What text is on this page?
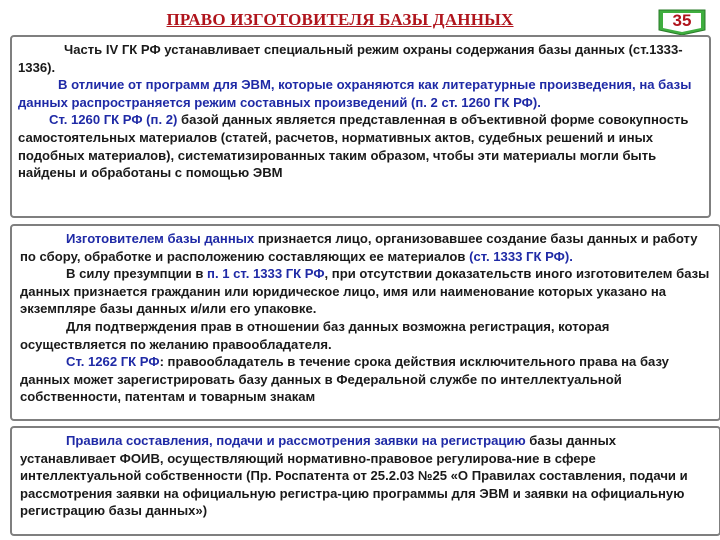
ПРАВО ИЗГОТОВИТЕЛЯ БАЗЫ ДАННЫХ	35

Часть IV ГК РФ устанавливает специальный режим охраны содержания базы данных (ст.1333-1336).

В отличие от программ для ЭВМ, которые охраняются как литературные произведения, на базы данных распространяется режим составных произведений (п. 2 ст. 1260 ГК РФ).

Ст. 1260 ГК РФ (п. 2) базой данных является представленная в объективной форме совокупность самостоятельных материалов (статей, расчетов, нормативных актов, судебных решений и иных подобных материалов), систематизированных таким образом, чтобы эти материалы могли быть найдены и обработаны с помощью ЭВМ

Изготовителем базы данных признается лицо, организовавшее создание базы данных и работу по сбору, обработке и расположению составляющих ее материалов (ст. 1333 ГК РФ).

В силу презумпции в п. 1 ст. 1333 ГК РФ, при отсутствии доказательств иного изготовителем базы данных признается гражданин или юридическое лицо, имя или наименование которых указано на экземпляре базы данных и/или его упаковке.

Для подтверждения прав в отношении баз данных возможна регистрация, которая осуществляется по желанию правообладателя.

Ст. 1262 ГК РФ: правообладатель в течение срока действия исключительного права на базу данных может зарегистрировать базу данных в Федеральной службе по интеллектуальной собственности, патентам и товарным знакам

Правила составления, подачи и рассмотрения заявки на регистрацию базы данных устанавливает ФОИВ, осуществляющий нормативно-правовое регулирова-ние в сфере интеллектуальной собственности (Пр. Роспатента от 25.2.03 №25 «О Правилах составления, подачи и рассмотрения заявки на официальную регистра-цию программы для ЭВМ и заявки на официальную регистрацию базы данных»)
